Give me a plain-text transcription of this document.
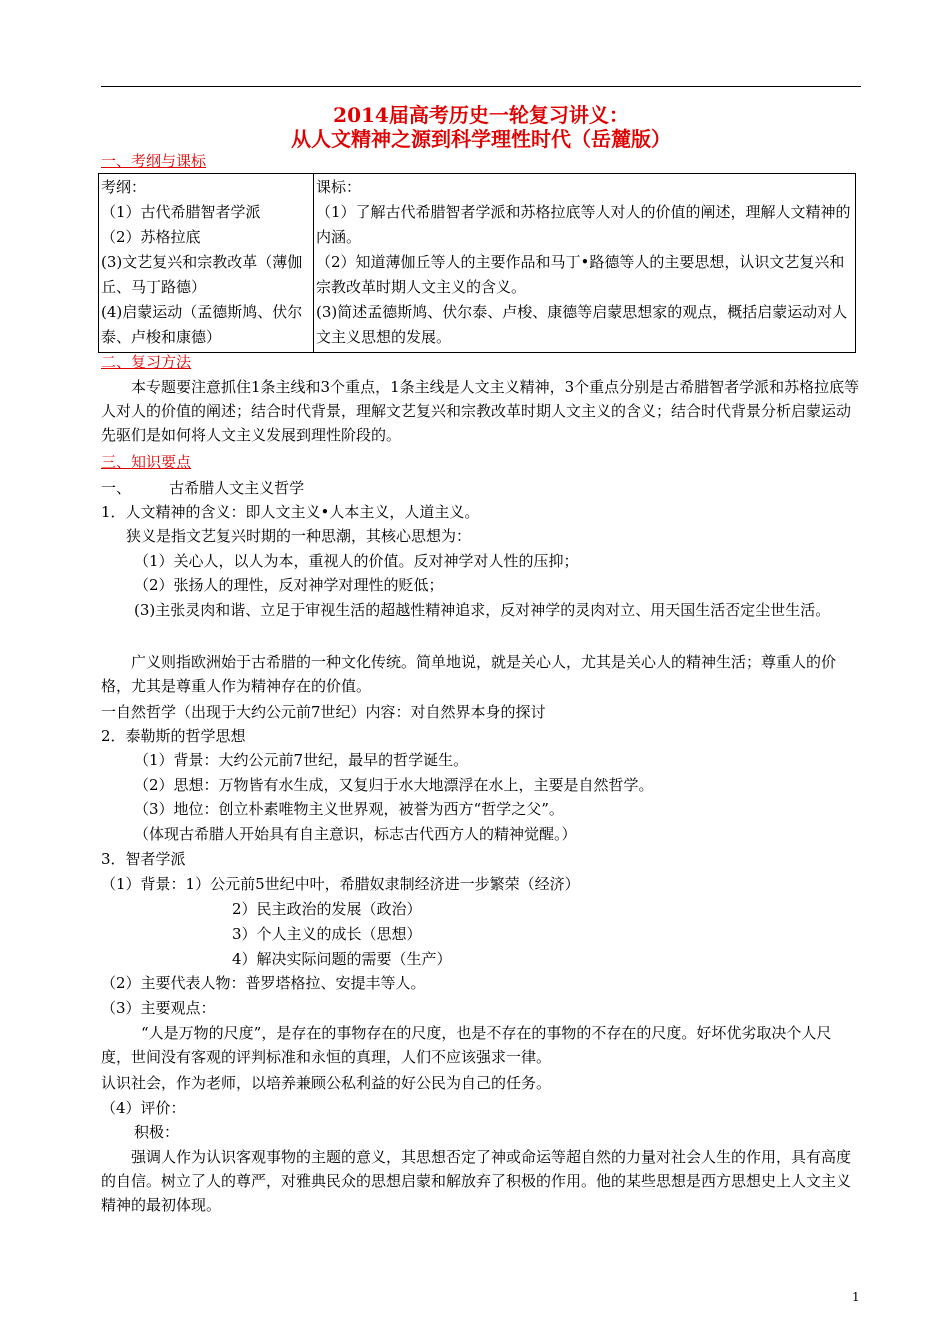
2014届高考历史一轮复习讲义：
从人文精神之源到科学理性时代（岳麓版）
一、考纲与课标
考纲：
（1）古代希腊智者学派
（2）苏格拉底
(3)文艺复兴和宗教改革（薄伽丘、马丁路德）
(4)启蒙运动（孟德斯鸠、伏尔泰、卢梭和康德）

课标：
（1）了解古代希腊智者学派和苏格拉底等人对人的价值的阐述，理解人文精神的内涵。
（2）知道薄伽丘等人的主要作品和马丁•路德等人的主要思想，认识文艺复兴和宗教改革时期人文主义的含义。
(3)简述孟德斯鸠、伏尔泰、卢梭、康德等启蒙思想家的观点，概括启蒙运动对人文主义思想的发展。
二、复习方法
本专题要注意抓住1条主线和3个重点，1条主线是人文主义精神，3个重点分别是古希腊智者学派和苏格拉底等人对人的价值的阐述；结合时代背景，理解文艺复兴和宗教改革时期人文主义的含义；结合时代背景分析启蒙运动先驱们是如何将人文主义发展到理性阶段的。
三、知识要点
一、        古希腊人文主义哲学
1．人文精神的含义：即人文主义•人本主义，人道主义。
狭义是指文艺复兴时期的一种思潮，其核心思想为：
（1）关心人，以人为本，重视人的价值。反对神学对人性的压抑；
（2）张扬人的理性，反对神学对理性的贬低；
(3)主张灵肉和谐、立足于审视生活的超越性精神追求，反对神学的灵肉对立、用天国生活否定尘世生活。
广义则指欧洲始于古希腊的一种文化传统。简单地说，就是关心人，尤其是关心人的精神生活；尊重人的价格，尤其是尊重人作为精神存在的价值。
一自然哲学（出现于大约公元前7世纪）内容：对自然界本身的探讨
2．泰勒斯的哲学思想
（1）背景：大约公元前7世纪，最早的哲学诞生。
（2）思想：万物皆有水生成，又复归于水大地漂浮在水上，主要是自然哲学。
（3）地位：创立朴素唯物主义世界观，被誉为西方“哲学之父”。
（体现古希腊人开始具有自主意识，标志古代西方人的精神觉醒。）
3．智者学派
（1）背景：1）公元前5世纪中叶，希腊奴隶制经济进一步繁荣（经济）
2）民主政治的发展（政治）
3）个人主义的成长（思想）
4）解决实际问题的需要（生产）
（2）主要代表人物：普罗塔格拉、安提丰等人。
（3）主要观点：
“人是万物的尺度”，是存在的事物存在的尺度，也是不存在的事物的不存在的尺度。好坏优劣取决个人尺度，世间没有客观的评判标准和永恒的真理，人们不应该强求一律。
认识社会，作为老师，以培养兼顾公私利益的好公民为自己的任务。
（4）评价：
积极：
强调人作为认识客观事物的主题的意义，其思想否定了神或命运等超自然的力量对社会人生的作用，具有高度的自信。树立了人的尊严，对雅典民众的思想启蒙和解放弃了积极的作用。他的某些思想是西方思想史上人文主义精神的最初体现。
1
